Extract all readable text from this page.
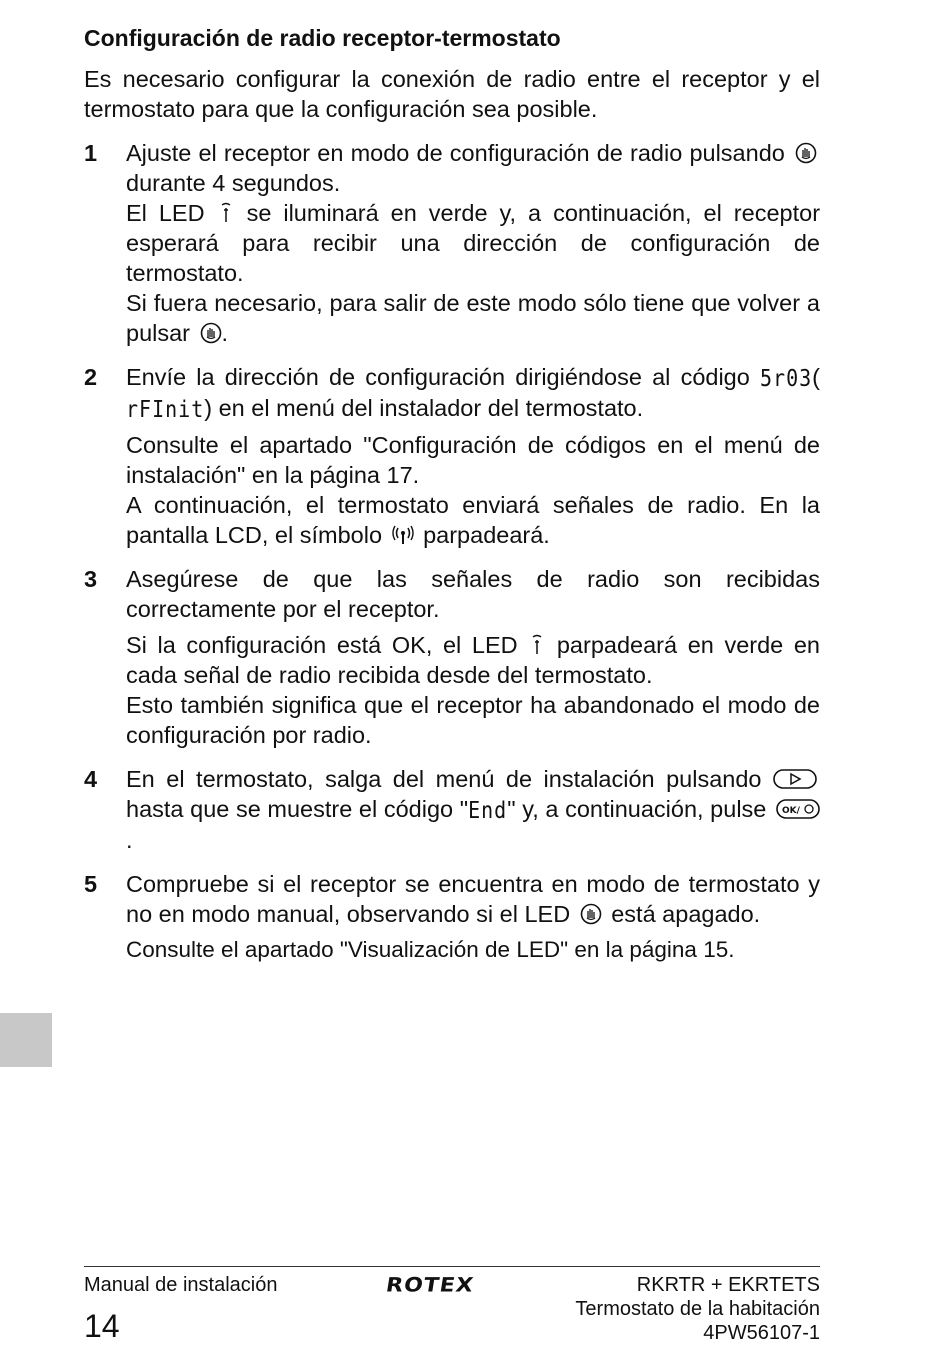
Configuración de radio receptor-termostato

Es necesario configurar la conexión de radio entre el receptor y el termostato para que la configuración sea posible.

1 Ajuste el receptor en modo de configuración de radio pulsando  durante 4 segundos.

El LED se iluminará en verde y, a continuación, el receptor esperará para recibir una dirección de configuración de termostato.

Si fuera necesario, para salir de este modo sólo tiene que volver a pulsar .

2 Envíe la dirección de configuración dirigiéndose al código 5r03(rFInit) en el menú del instalador del termostato.

Consulte el apartado "Configuración de códigos en el menú de instalación" en la página 17.

A continuación, el termostato enviará señales de radio. En la pantalla LCD, el símbolo parpadeará.

3 Asegúrese de que las señales de radio son recibidas correctamente por el receptor.

Si la configuración está OK, el LED parpadeará en verde en cada señal de radio recibida desde del termostato.

Esto también significa que el receptor ha abandonado el modo de configuración por radio.

4 En el termostato, salga del menú de instalación pulsando  hasta que se muestre el código "End" y, a continuación, pulse OK/
.

5 Compruebe si el receptor se encuentra en modo de termostato y no en modo manual, observando si el LED está apagado.

Consulte el apartado "Visualización de LED" en la página 15.

Manual de instalación
14
ROTEX	RKRTR + EKRTETS
Termostato de la habitación
4PW56107-1
